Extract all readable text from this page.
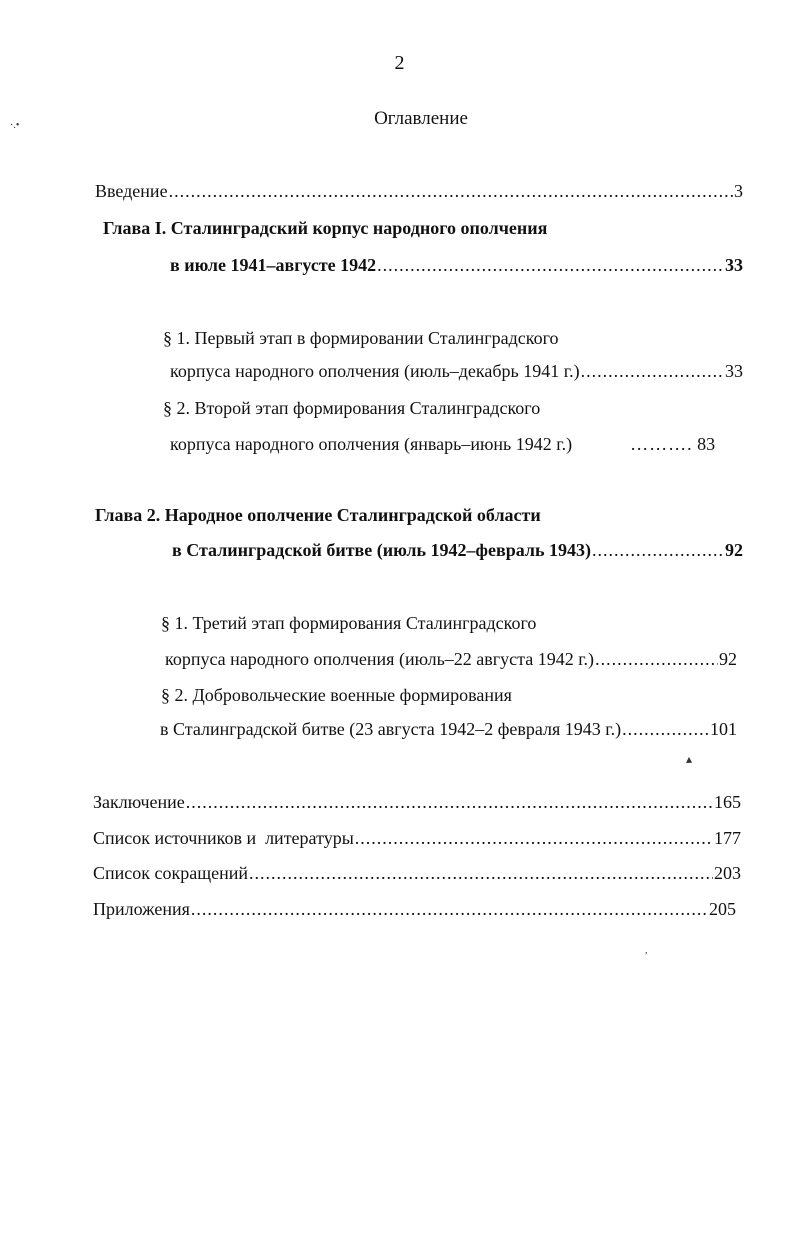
2
Оглавление
Введение .....	3
Глава I. Сталинградский корпус народного ополчения
в июле 1941–августе 1942 .....	33
§ 1. Первый этап в формировании Сталинградского
корпуса народного ополчения (июль–декабрь 1941 г.) .....	33
§ 2. Второй этап формирования Сталинградского
корпуса народного ополчения (январь–июнь 1942 г.)	………. 83
Глава 2. Народное ополчение Сталинградской области
в Сталинградской битве (июль 1942–февраль 1943) .....	92
§ 1. Третий этап формирования Сталинградского
корпуса народного ополчения (июль–22 августа 1942 г.) .....	92
§ 2. Добровольческие военные формирования
в Сталинградской битве (23 августа 1942–2 февраля 1943 г.) .....	101
Заключение .....	165
Список источников и  литературы .....	177
Список сокращений .....	203
Приложения .....	205
·.•
▴
,
